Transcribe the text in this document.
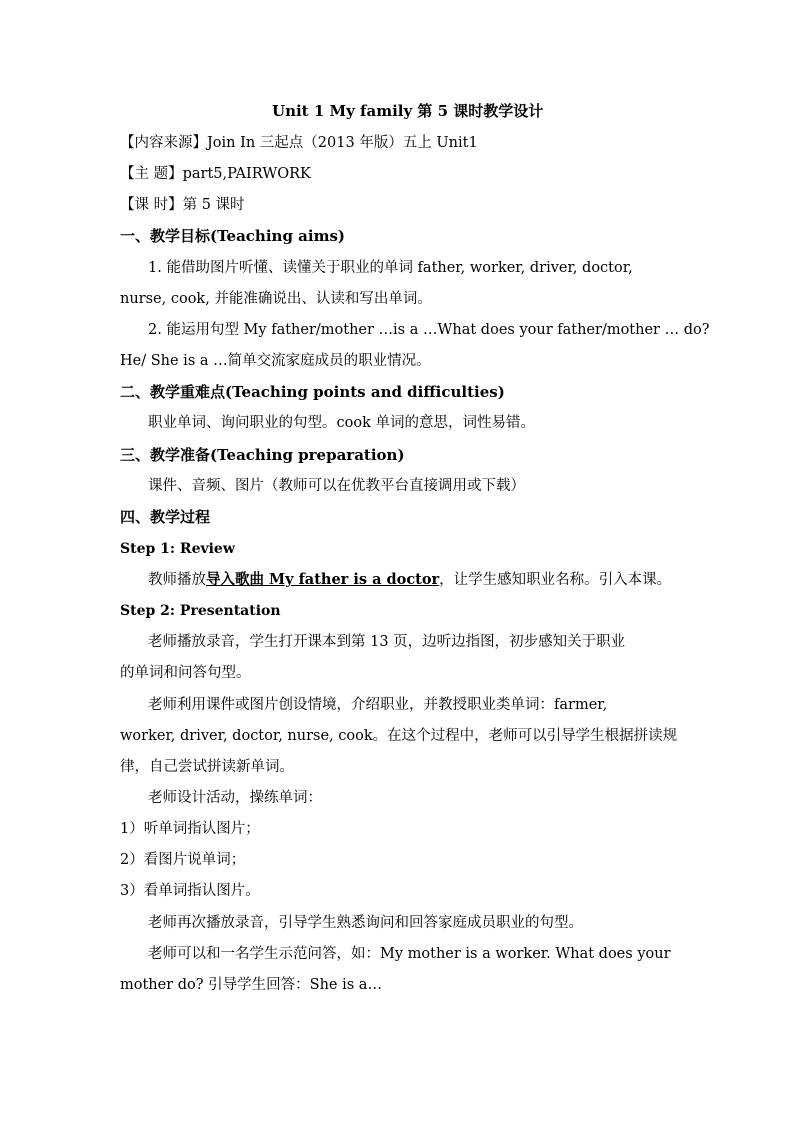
Unit 1 My family 第 5 课时教学设计
【内容来源】Join In 三起点（2013 年版）五上 Unit1
【主 题】part5,PAIRWORK
【课 时】第 5 课时
一、教学目标(Teaching aims)
1. 能借助图片听懂、读懂关于职业的单词 father, worker, driver, doctor,
nurse, cook, 并能准确说出、认读和写出单词。
2. 能运用句型 My father/mother …is a …What does your father/mother … do?
He/ She is a …简单交流家庭成员的职业情况。
二、教学重难点(Teaching points and difficulties)
职业单词、询问职业的句型。cook 单词的意思，词性易错。
三、教学准备(Teaching preparation)
课件、音频、图片（教师可以在优教平台直接调用或下载）
四、教学过程
Step 1: Review
教师播放导入歌曲 My father is a doctor，让学生感知职业名称。引入本课。
Step 2: Presentation
老师播放录音，学生打开课本到第 13 页，边听边指图，初步感知关于职业
的单词和问答句型。
老师利用课件或图片创设情境，介绍职业，并教授职业类单词：farmer,
worker, driver, doctor, nurse, cook。在这个过程中，老师可以引导学生根据拼读规
律，自己尝试拼读新单词。
老师设计活动，操练单词：
1）听单词指认图片；
2）看图片说单词；
3）看单词指认图片。
老师再次播放录音，引导学生熟悉询问和回答家庭成员职业的句型。
老师可以和一名学生示范问答，如：My mother is a worker. What does your
mother do? 引导学生回答：She is a…
